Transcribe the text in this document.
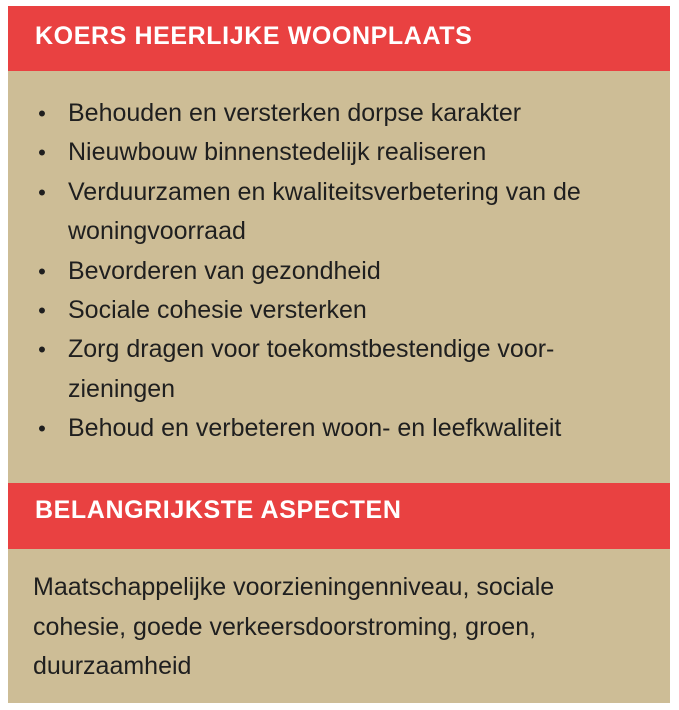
KOERS HEERLIJKE WOONPLAATS
• Behouden en versterken dorpse karakter
• Nieuwbouw binnenstedelijk realiseren
• Verduurzamen en kwaliteitsverbetering van de woningvoorraad
• Bevorderen van gezondheid
• Sociale cohesie versterken
• Zorg dragen voor toekomstbestendige voor-zieningen
• Behoud en verbeteren woon- en leefkwaliteit
BELANGRIJKSTE ASPECTEN

Maatschappelijke voorzieningenniveau, sociale cohesie, goede verkeersdoorstroming, groen, duurzaamheid
